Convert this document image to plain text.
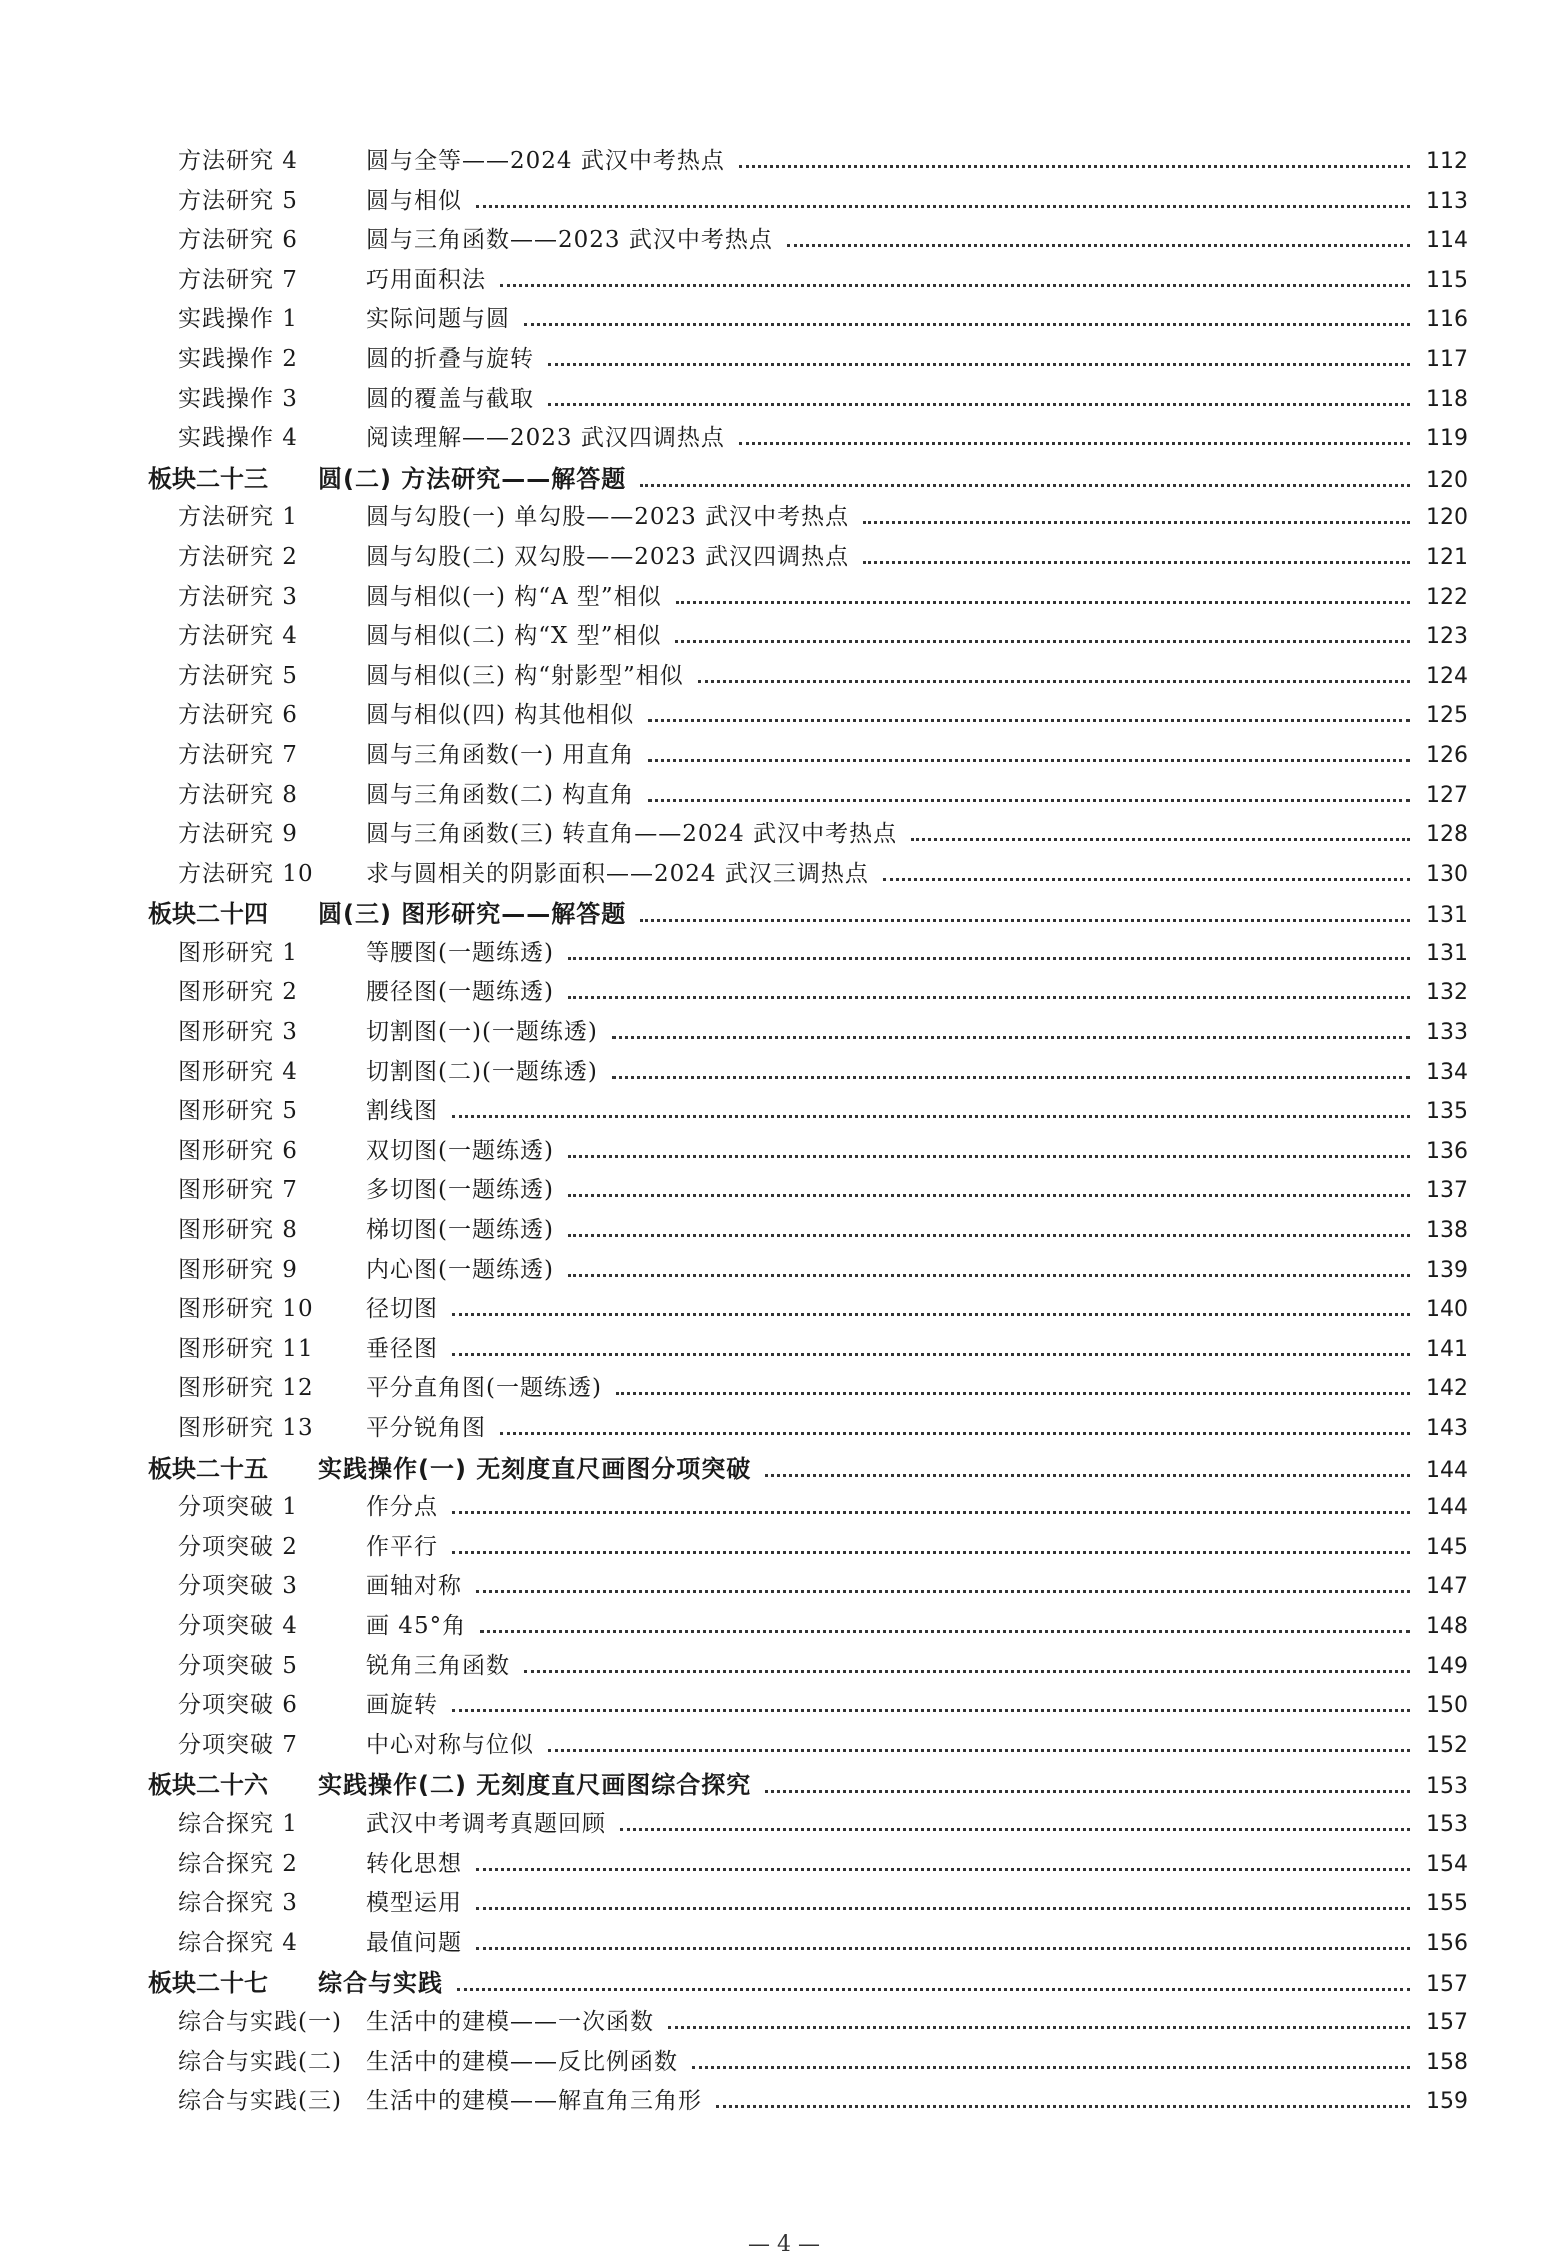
方法研究 4	圆与全等——2024 武汉中考热点	112
方法研究 5	圆与相似	113
方法研究 6	圆与三角函数——2023 武汉中考热点	114
方法研究 7	巧用面积法	115
实践操作 1	实际问题与圆	116
实践操作 2	圆的折叠与旋转	117
实践操作 3	圆的覆盖与截取	118
实践操作 4	阅读理解——2023 武汉四调热点	119
板块二十三	圆(二) 方法研究——解答题	120
方法研究 1	圆与勾股(一) 单勾股——2023 武汉中考热点	120
方法研究 2	圆与勾股(二) 双勾股——2023 武汉四调热点	121
方法研究 3	圆与相似(一) 构“A 型”相似	122
方法研究 4	圆与相似(二) 构“X 型”相似	123
方法研究 5	圆与相似(三) 构“射影型”相似	124
方法研究 6	圆与相似(四) 构其他相似	125
方法研究 7	圆与三角函数(一) 用直角	126
方法研究 8	圆与三角函数(二) 构直角	127
方法研究 9	圆与三角函数(三) 转直角——2024 武汉中考热点	128
方法研究 10	求与圆相关的阴影面积——2024 武汉三调热点	130
板块二十四	圆(三) 图形研究——解答题	131
图形研究 1	等腰图(一题练透)	131
图形研究 2	腰径图(一题练透)	132
图形研究 3	切割图(一)(一题练透)	133
图形研究 4	切割图(二)(一题练透)	134
图形研究 5	割线图	135
图形研究 6	双切图(一题练透)	136
图形研究 7	多切图(一题练透)	137
图形研究 8	梯切图(一题练透)	138
图形研究 9	内心图(一题练透)	139
图形研究 10	径切图	140
图形研究 11	垂径图	141
图形研究 12	平分直角图(一题练透)	142
图形研究 13	平分锐角图	143
板块二十五	实践操作(一) 无刻度直尺画图分项突破	144
分项突破 1	作分点	144
分项突破 2	作平行	145
分项突破 3	画轴对称	147
分项突破 4	画 45°角	148
分项突破 5	锐角三角函数	149
分项突破 6	画旋转	150
分项突破 7	中心对称与位似	152
板块二十六	实践操作(二) 无刻度直尺画图综合探究	153
综合探究 1	武汉中考调考真题回顾	153
综合探究 2	转化思想	154
综合探究 3	模型运用	155
综合探究 4	最值问题	156
板块二十七	综合与实践	157
综合与实践(一)	生活中的建模——一次函数	157
综合与实践(二)	生活中的建模——反比例函数	158
综合与实践(三)	生活中的建模——解直角三角形	159
— 4 —
